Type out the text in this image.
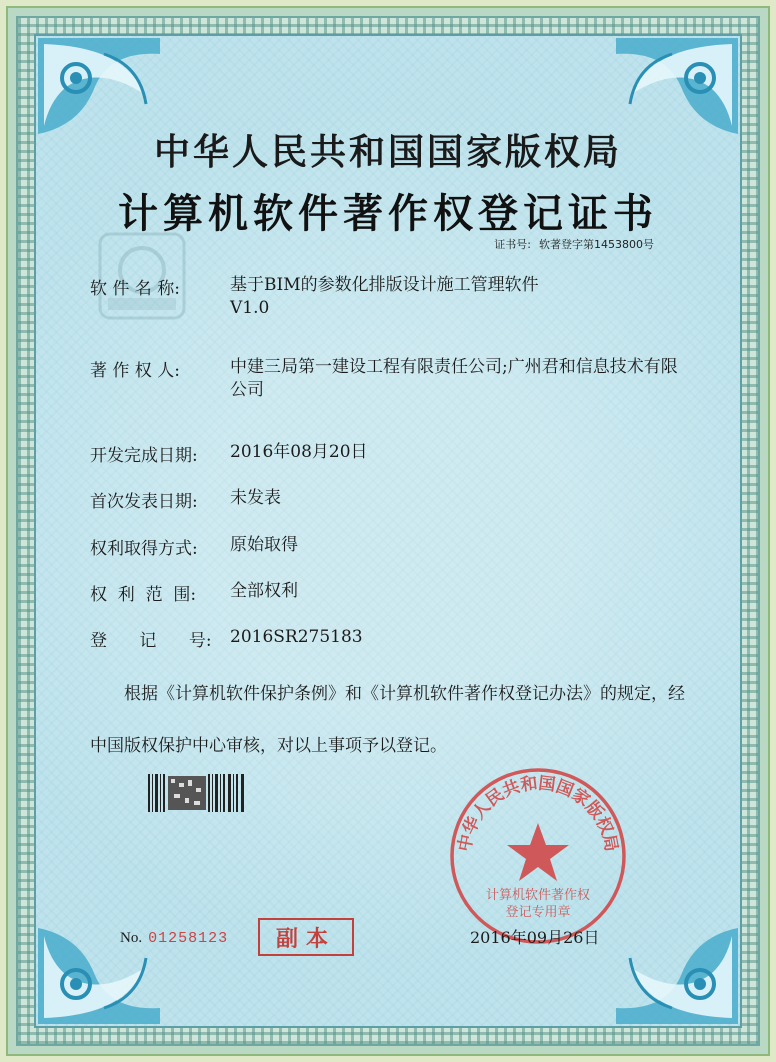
中华人民共和国国家版权局
计算机软件著作权登记证书
证书号: 软著登字第1453800号
软 件 名 称:	基于BIM的参数化排版设计施工管理软件
V1.0
著 作 权 人:	中建三局第一建设工程有限责任公司;广州君和信息技术有限公司
开发完成日期:	2016年08月20日
首次发表日期:	未发表
权利取得方式:	原始取得
权  利  范  围:	全部权利
登      记      号:	2016SR275183
根据《计算机软件保护条例》和《计算机软件著作权登记办法》的规定，经中国版权保护中心审核，对以上事项予以登记。
No. 01258123	副本
中华人民共和国国家版权局
计算机软件著作权
登记专用章
2016年09月26日
